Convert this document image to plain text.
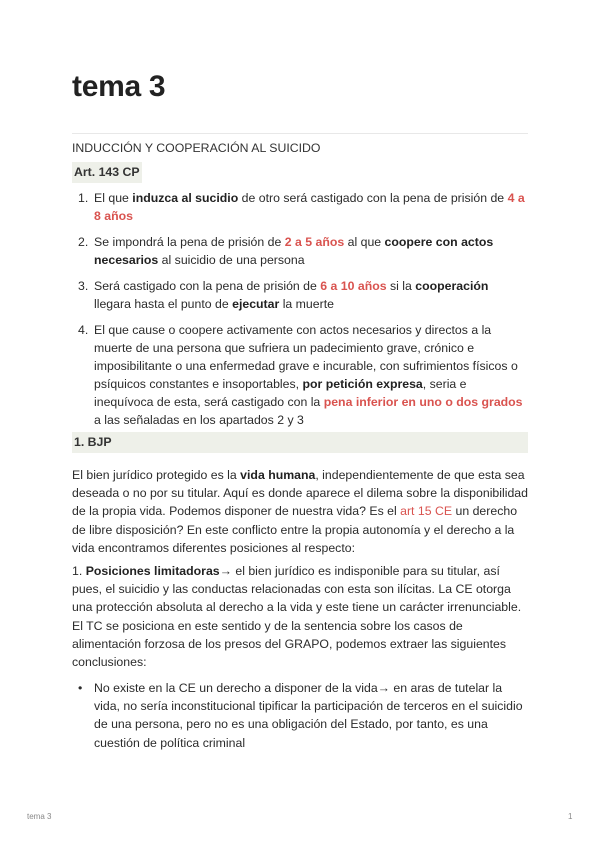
tema 3
INDUCCIÓN Y COOPERACIÓN AL SUICIDO
Art. 143 CP
1. El que induzca al sucidio de otro será castigado con la pena de prisión de 4 a 8 años
2. Se impondrá la pena de prisión de 2 a 5 años al que coopere con actos necesarios al suicidio de una persona
3. Será castigado con la pena de prisión de 6 a 10 años si la cooperación llegara hasta el punto de ejecutar la muerte
4. El que cause o coopere activamente con actos necesarios y directos a la muerte de una persona que sufriera un padecimiento grave, crónico e imposibilitante o una enfermedad grave e incurable, con sufrimientos físicos o psíquicos constantes e insoportables, por petición expresa, seria e inequívoca de esta, será castigado con la pena inferior en uno o dos grados a las señaladas en los apartados 2 y 3
1. BJP
El bien jurídico protegido es la vida humana, independientemente de que esta sea deseada o no por su titular. Aquí es donde aparece el dilema sobre la disponibilidad de la propia vida. Podemos disponer de nuestra vida? Es el art 15 CE un derecho de libre disposición? En este conflicto entre la propia autonomía y el derecho a la vida encontramos diferentes posiciones al respecto:
1. Posiciones limitadoras→ el bien jurídico es indisponible para su titular, así pues, el suicidio y las conductas relacionadas con esta son ilícitas. La CE otorga una protección absoluta al derecho a la vida y este tiene un carácter irrenunciable. El TC se posiciona en este sentido y de la sentencia sobre los casos de alimentación forzosa de los presos del GRAPO, podemos extraer las siguientes conclusiones:
• No existe en la CE un derecho a disponer de la vida→ en aras de tutelar la vida, no sería inconstitucional tipificar la participación de terceros en el suicidio de una persona, pero no es una obligación del Estado, por tanto, es una cuestión de política criminal
tema 3	1
